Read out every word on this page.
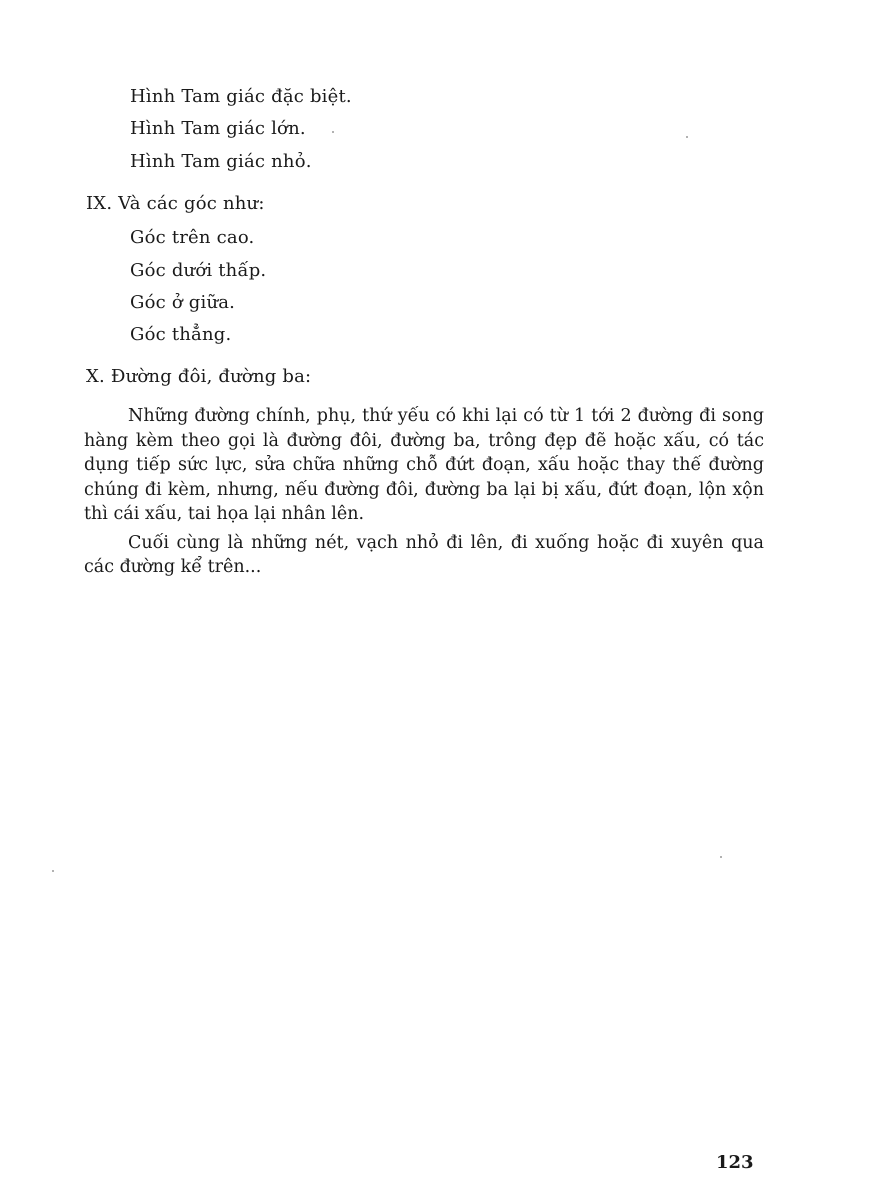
Hình Tam giác đặc biệt.
Hình Tam giác lớn.
Hình Tam giác nhỏ.
IX. Và các góc như:
Góc trên cao.
Góc dưới thấp.
Góc ở giữa.
Góc thẳng.
X. Đường đôi, đường ba:

Những đường chính, phụ, thứ yếu có khi lại có từ 1 tới 2 đường đi song hàng kèm theo gọi là đường đôi, đường ba, trông đẹp đẽ hoặc xấu, có tác dụng tiếp sức lực, sửa chữa những chỗ đứt đoạn, xấu hoặc thay thế đường chúng đi kèm, nhưng, nếu đường đôi, đường ba lại bị xấu, đứt đoạn, lộn xộn thì cái xấu, tai họa lại nhân lên.

Cuối cùng là những nét, vạch nhỏ đi lên, đi xuống hoặc đi xuyên qua các đường kể trên...

123
